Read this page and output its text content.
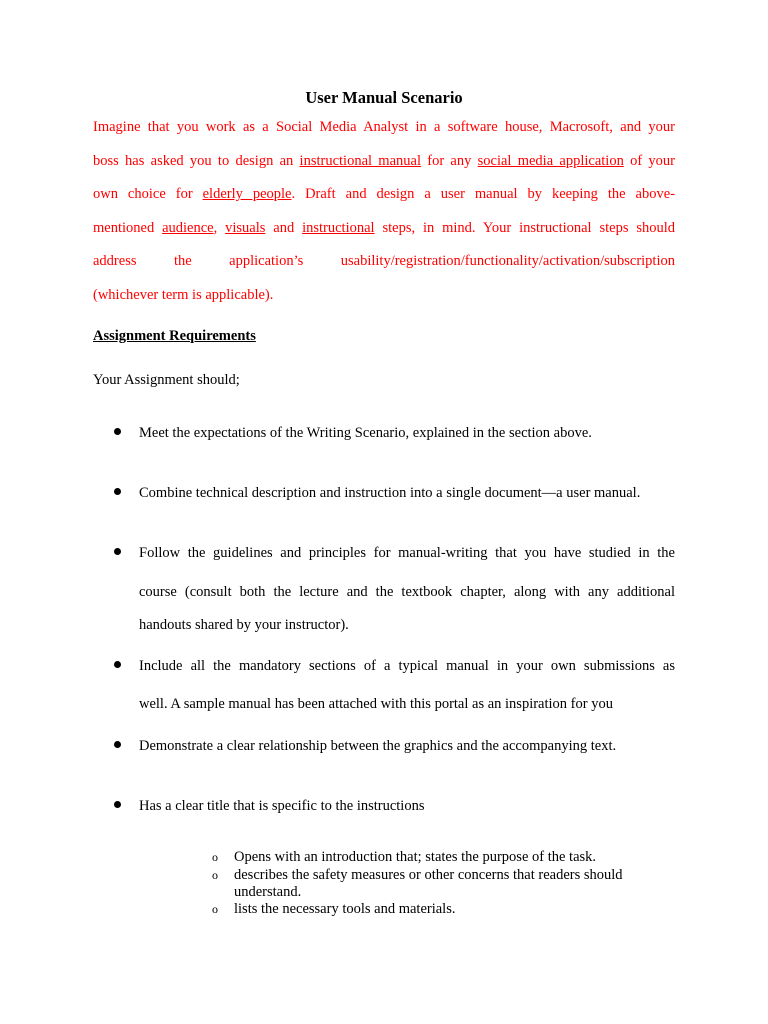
User Manual Scenario
Imagine that you work as a Social Media Analyst in a software house, Macrosoft, and your
boss has asked you to design an instructional manual for any social media application of your
own choice for elderly people. Draft and design a user manual by keeping the above-
mentioned audience, visuals and instructional steps, in mind. Your instructional steps should
address the application’s usability/registration/functionality/activation/subscription
(whichever term is applicable).
Assignment Requirements
Your Assignment should;
Meet the expectations of the Writing Scenario, explained in the section above.
Combine technical description and instruction into a single document—a user manual.
Follow the guidelines and principles for manual-writing that you have studied in the
course (consult both the lecture and the textbook chapter, along with any additional
handouts shared by your instructor).
Include all the mandatory sections of a typical manual in your own submissions as
well. A sample manual has been attached with this portal as an inspiration for you
Demonstrate a clear relationship between the graphics and the accompanying text.
Has a clear title that is specific to the instructions
o Opens with an introduction that; states the purpose of the task.
o describes the safety measures or other concerns that readers should
understand.
o lists the necessary tools and materials.
